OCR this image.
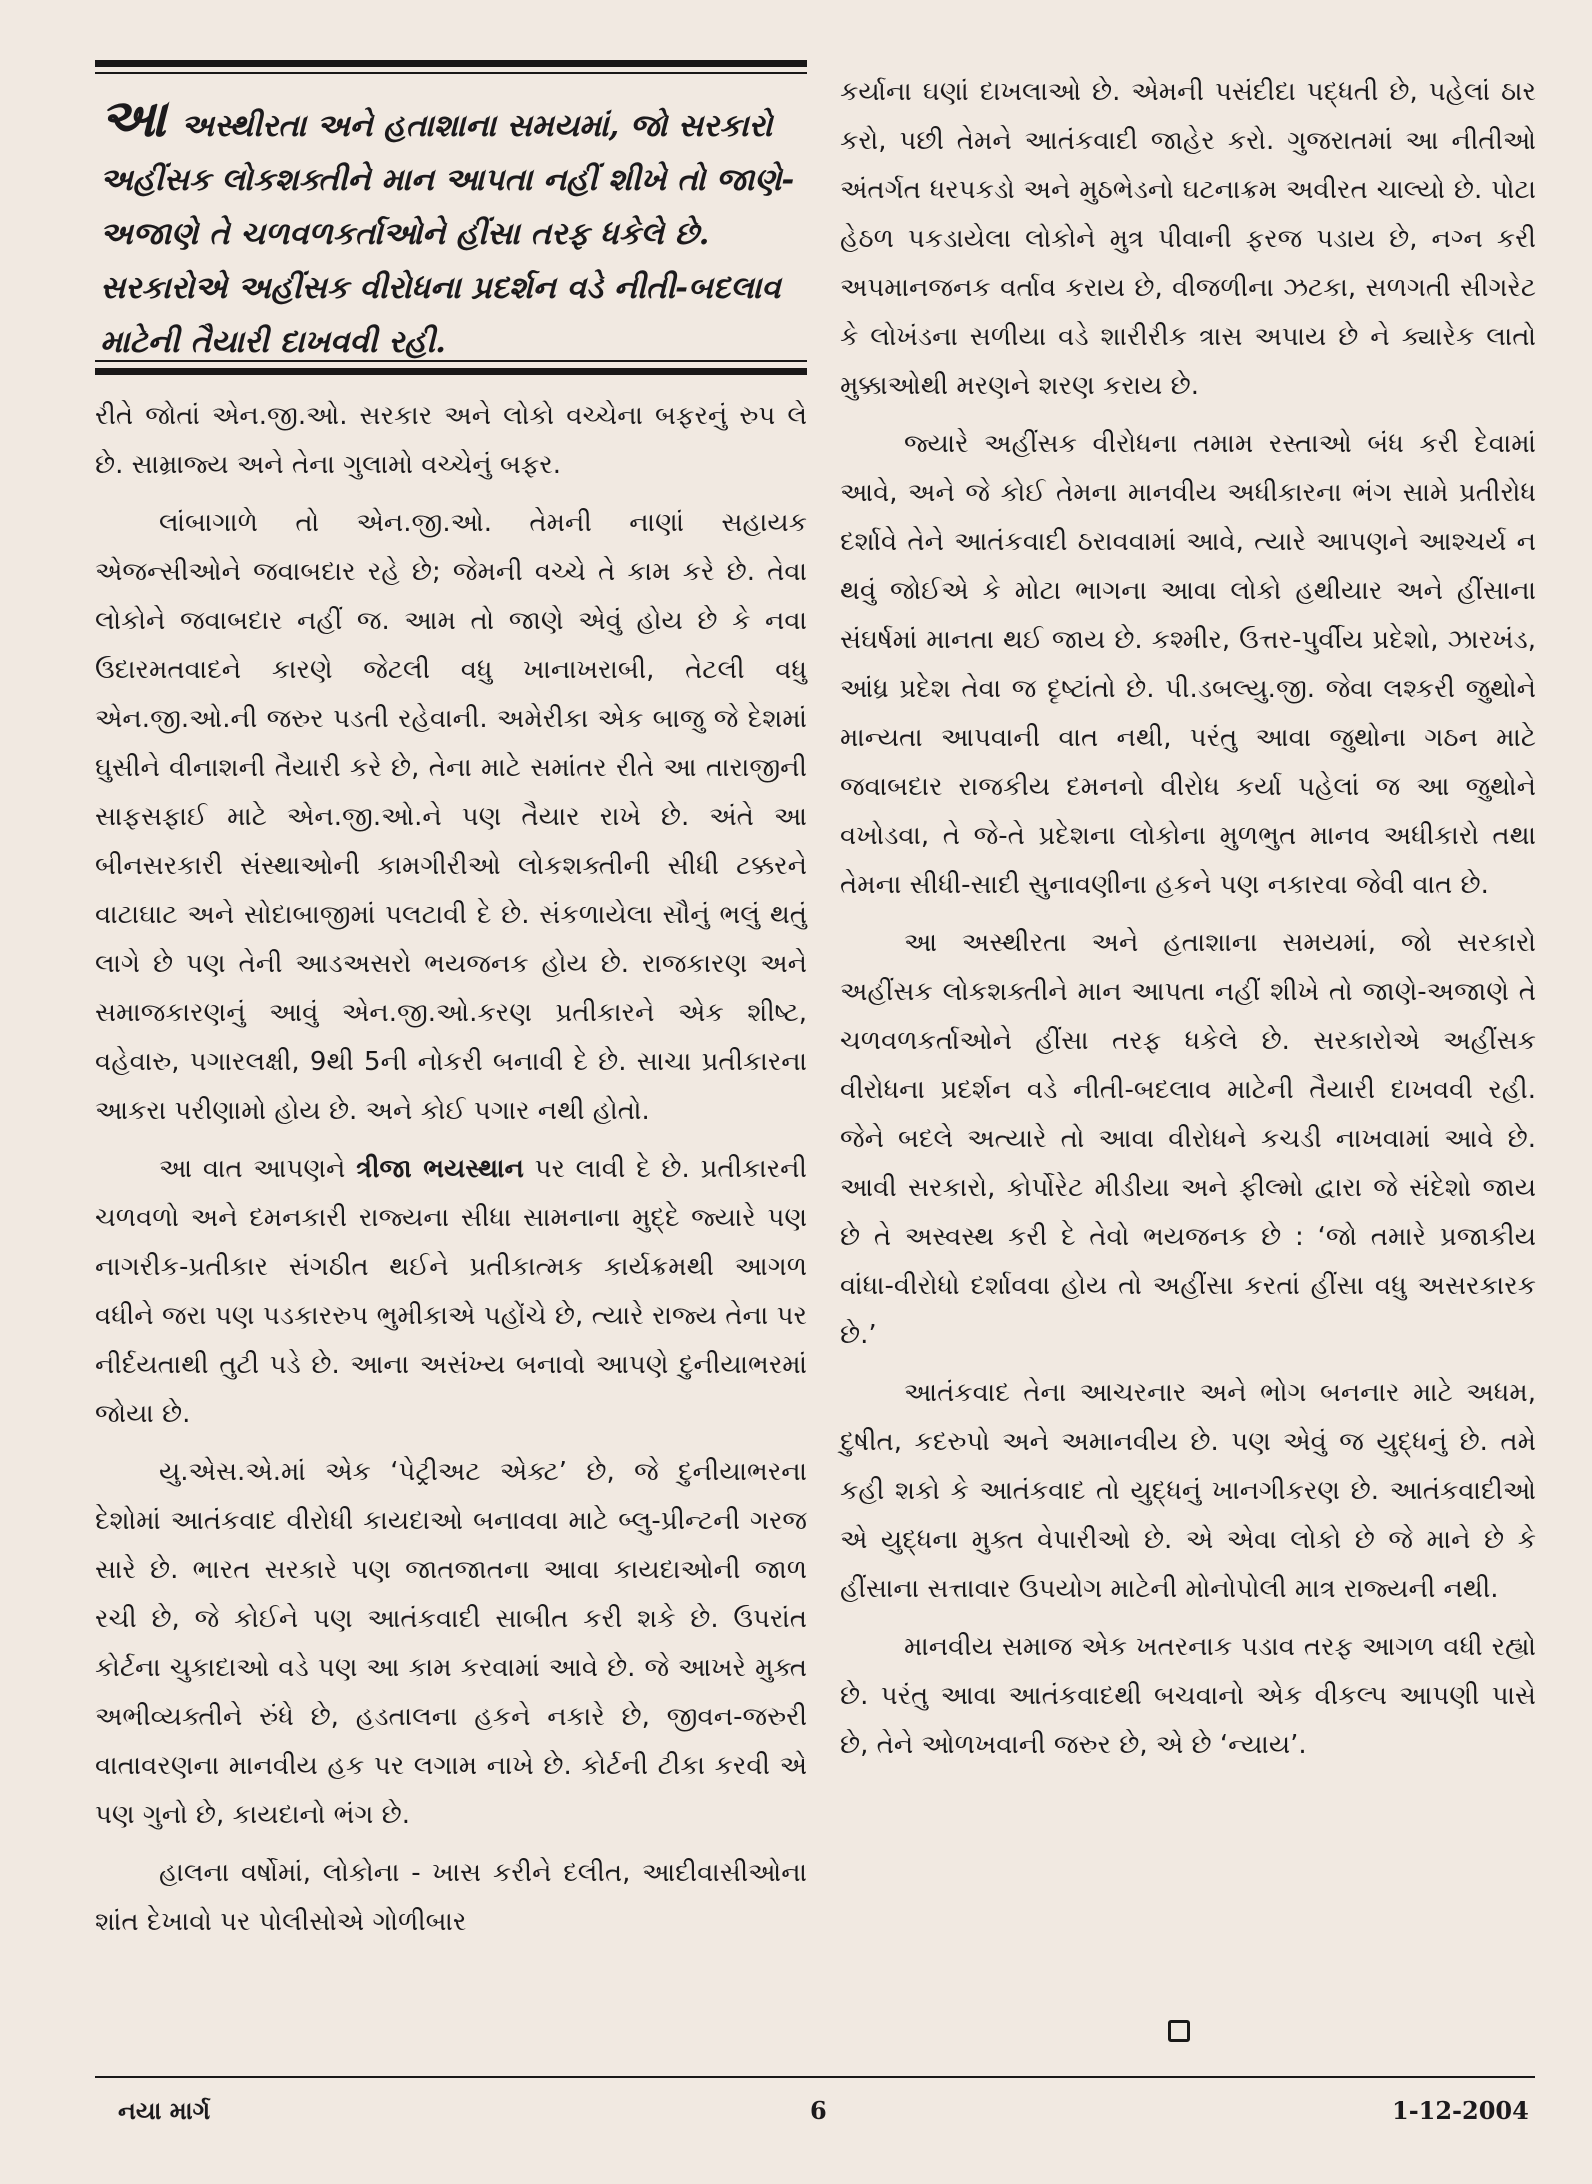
આઅસ્થીરતા અને હતાશાના સમયમાં, જો સરકારો અહીંસક લોકશક્તીને માન આપતા નહીં શીખે તો જાણે-અજાણે તે ચળવળકર્તાઓને હીંસા તરફ ધકેલે છે. સરકારોએ અહીંસક વીરોધના પ્રદર્શન વડે નીતી-બદલાવ માટેની તૈયારી દાખવવી રહી.

રીતે જોતાં એન.જી.ઓ. સરકાર અને લોકો વચ્ચેના બફરનું રુપ લે છે. સામ્રાજ્ય અને તેના ગુલામો વચ્ચેનું બફર.

લાંબાગાળે તો એન.જી.ઓ. તેમની નાણાં સહાયક એજન્સીઓને જવાબદાર રહે છે; જેમની વચ્ચે તે કામ કરે છે. તેવા લોકોને જવાબદાર નહીં જ. આમ તો જાણે એવું હોય છે કે નવા ઉદારમતવાદને કારણે જેટલી વધુ ખાનાખરાબી, તેટલી વધુ એન.જી.ઓ.ની જરુર પડતી રહેવાની. અમેરીકા એક બાજુ જે દેશમાં ઘુસીને વીનાશની તૈયારી કરે છે, તેના માટે સમાંતર રીતે આ તારાજીની સાફસફાઈ માટે એન.જી.ઓ.ને પણ તૈયાર રાખે છે. અંતે આ બીનસરકારી સંસ્થાઓની કામગીરીઓ લોકશક્તીની સીધી ટક્કરને વાટાઘાટ અને સોદાબાજીમાં પલટાવી દે છે. સંકળાયેલા સૌનું ભલું થતું લાગે છે પણ તેની આડઅસરો ભયજનક હોય છે. રાજકારણ અને સમાજકારણનું આવું એન.જી.ઓ.કરણ પ્રતીકારને એક શીષ્ટ, વહેવારુ, પગારલક્ષી, 9થી 5ની નોકરી બનાવી દે છે. સાચા પ્રતીકારના આકરા પરીણામો હોય છે. અને કોઈ પગાર નથી હોતો.

આ વાત આપણને ત્રીજા ભયસ્થાન પર લાવી દે છે. પ્રતીકારની ચળવળો અને દમનકારી રાજ્યના સીધા સામનાના મુદ્દે જ્યારે પણ નાગરીક-પ્રતીકાર સંગઠીત થઈને પ્રતીકાત્મક કાર્યક્રમથી આગળ વધીને જરા પણ પડકારરુપ ભુમીકાએ પહોંચે છે, ત્યારે રાજ્ય તેના પર નીર્દયતાથી તુટી પડે છે. આના અસંખ્ય બનાવો આપણે દુનીયાભરમાં જોયા છે.

યુ.એસ.એ.માં એક ‘પેટ્રીઅટ એક્ટ’ છે, જે દુનીયાભરના દેશોમાં આતંકવાદ વીરોધી કાયદાઓ બનાવવા માટે બ્લુ-પ્રીન્ટની ગરજ સારે છે. ભારત સરકારે પણ જાતજાતના આવા કાયદાઓની જાળ રચી છે, જે કોઈને પણ આતંકવાદી સાબીત કરી શકે છે. ઉપરાંત કોર્ટના ચુકાદાઓ વડે પણ આ કામ કરવામાં આવે છે. જે આખરે મુક્ત અભીવ્યક્તીને રુંધે છે, હડતાલના હકને નકારે છે, જીવન-જરુરી વાતાવરણના માનવીય હક પર લગામ નાખે છે. કોર્ટની ટીકા કરવી એ પણ ગુનો છે, કાયદાનો ભંગ છે.

હાલના વર્ષોમાં, લોકોના - ખાસ કરીને દલીત, આદીવાસીઓના શાંત દેખાવો પર પોલીસોએ ગોળીબાર

કર્યાના ઘણાં દાખલાઓ છે. એમની પસંદીદા પદ્ધતી છે, પહેલાં ઠાર કરો, પછી તેમને આતંકવાદી જાહેર કરો. ગુજરાતમાં આ નીતીઓ અંતર્ગત ધરપકડો અને મુઠભેડનો ઘટનાક્રમ અવીરત ચાલ્યો છે. પોટા હેઠળ પકડાયેલા લોકોને મુત્ર પીવાની ફરજ પડાય છે, નગ્ન કરી અપમાનજનક વર્તાવ કરાય છે, વીજળીના ઝટકા, સળગતી સીગરેટ કે લોખંડના સળીયા વડે શારીરીક ત્રાસ અપાય છે ને ક્યારેક લાતો મુક્કાઓથી મરણને શરણ કરાય છે.

જ્યારે અહીંસક વીરોધના તમામ રસ્તાઓ બંધ કરી દેવામાં આવે, અને જે કોઈ તેમના માનવીય અધીકારના ભંગ સામે પ્રતીરોધ દર્શાવે તેને આતંકવાદી ઠરાવવામાં આવે, ત્યારે આપણને આશ્ચર્ય ન થવું જોઈએ કે મોટા ભાગના આવા લોકો હથીયાર અને હીંસાના સંઘર્ષમાં માનતા થઈ જાય છે. કશ્મીર, ઉત્તર-પુર્વીય પ્રદેશો, ઝારખંડ, આંધ્ર પ્રદેશ તેવા જ દૃષ્ટાંતો છે. પી.ડબલ્યુ.જી. જેવા લશ્કરી જુથોને માન્યતા આપવાની વાત નથી, પરંતુ આવા જુથોના ગઠન માટે જવાબદાર રાજકીય દમનનો વીરોધ કર્યા પહેલાં જ આ જુથોને વખોડવા, તે જે-તે પ્રદેશના લોકોના મુળભુત માનવ અધીકારો તથા તેમના સીધી-સાદી સુનાવણીના હકને પણ નકારવા જેવી વાત છે.

આ અસ્થીરતા અને હતાશાના સમયમાં, જો સરકારો અહીંસક લોકશક્તીને માન આપતા નહીં શીખે તો જાણે-અજાણે તે ચળવળકર્તાઓને હીંસા તરફ ધકેલે છે. સરકારોએ અહીંસક વીરોધના પ્રદર્શન વડે નીતી-બદલાવ માટેની તૈયારી દાખવવી રહી. જેને બદલે અત્યારે તો આવા વીરોધને કચડી નાખવામાં આવે છે. આવી સરકારો, કોર્પોરેટ મીડીયા અને ફીલ્મો દ્વારા જે સંદેશો જાય છે તે અસ્વસ્થ કરી દે તેવો ભયજનક છે : ‘જો તમારે પ્રજાકીય વાંધા-વીરોધો દર્શાવવા હોય તો અહીંસા કરતાં હીંસા વધુ અસરકારક છે.’

આતંકવાદ તેના આચરનાર અને ભોગ બનનાર માટે અધમ, દુષીત, કદરુપો અને અમાનવીય છે. પણ એવું જ યુદ્ધનું છે. તમે કહી શકો કે આતંકવાદ તો યુદ્ધનું ખાનગીકરણ છે. આતંકવાદીઓ એ યુદ્ધના મુક્ત વેપારીઓ છે. એ એવા લોકો છે જે માને છે કે હીંસાના સત્તાવાર ઉપયોગ માટેની મોનોપોલી માત્ર રાજ્યની નથી.

માનવીય સમાજ એક ખતરનાક પડાવ તરફ આગળ વધી રહ્યો છે. પરંતુ આવા આતંકવાદથી બચવાનો એક વીકલ્પ આપણી પાસે છે, તેને ઓળખવાની જરુર છે, એ છે ‘ન્યાય’.

નયા માર્ગ	6	1-12-2004
